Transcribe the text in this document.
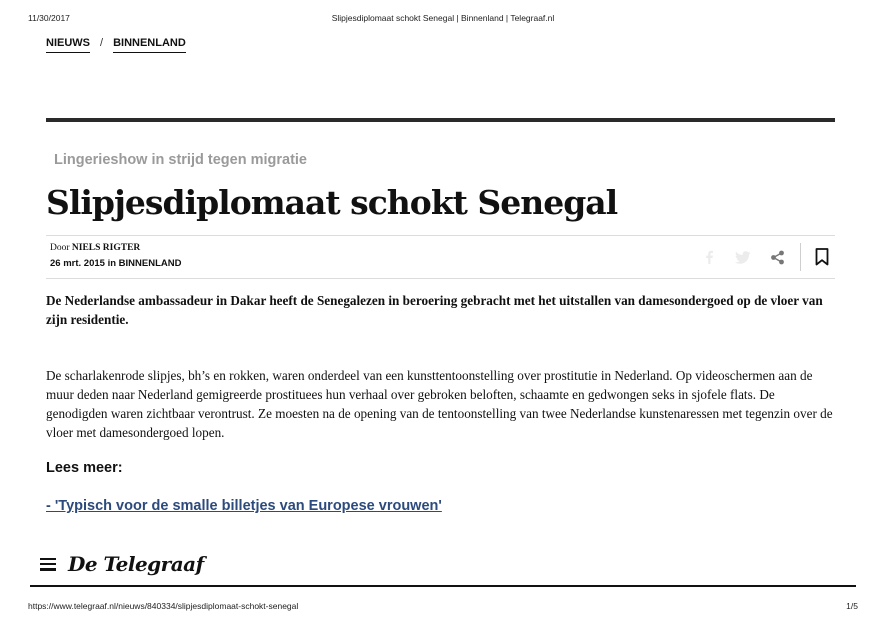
11/30/2017	Slipjesdiplomaat schokt Senegal | Binnenland | Telegraaf.nl
NIEUWS / BINNENLAND
Lingerieshow in strijd tegen migratie
Slipjesdiplomaat schokt Senegal
Door NIELS RIGTER
26 mrt. 2015 in BINNENLAND

De Nederlandse ambassadeur in Dakar heeft de Senegalezen in beroering gebracht met het uitstallen van damesondergoed op de vloer van zijn residentie.

De scharlakenrode slipjes, bh’s en rokken, waren onderdeel van een kunsttentoonstelling over prostitutie in Nederland. Op videoschermen aan de muur deden naar Nederland gemigreerde prostituees hun verhaal over gebroken beloften, schaamte en gedwongen seks in sjofele flats. De genodigden waren zichtbaar verontrust. Ze moesten na de opening van de tentoonstelling van twee Nederlandse kunstenaressen met tegenzin over de vloer met damesondergoed lopen.

Lees meer:
- 'Typisch voor de smalle billetjes van Europese vrouwen'
De Telegraaf
https://www.telegraaf.nl/nieuws/840334/slipjesdiplomaat-schokt-senegal	1/5
